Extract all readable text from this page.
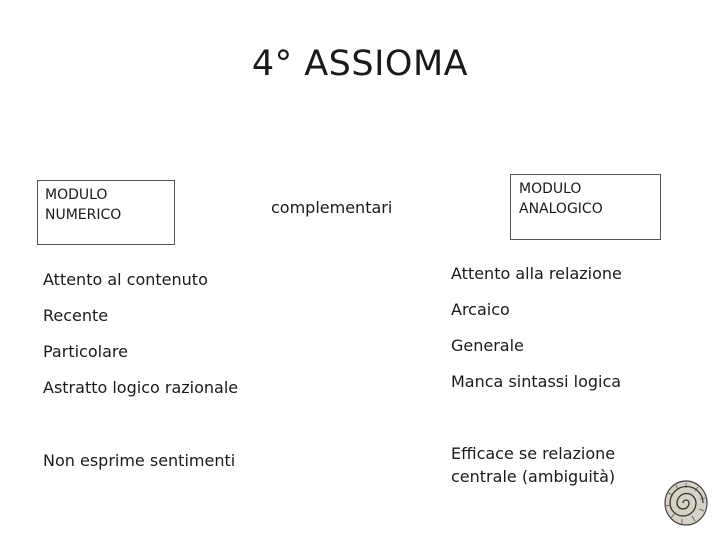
4° ASSIOMA
MODULO
NUMERICO	complementari
MODULO
ANALOGICO
Attento al contenuto
Recente
Particolare
Astratto logico razionale
Non esprime sentimenti
Attento alla relazione
Arcaico
Generale
Manca sintassi logica
Efficace se relazione
centrale (ambiguità)
